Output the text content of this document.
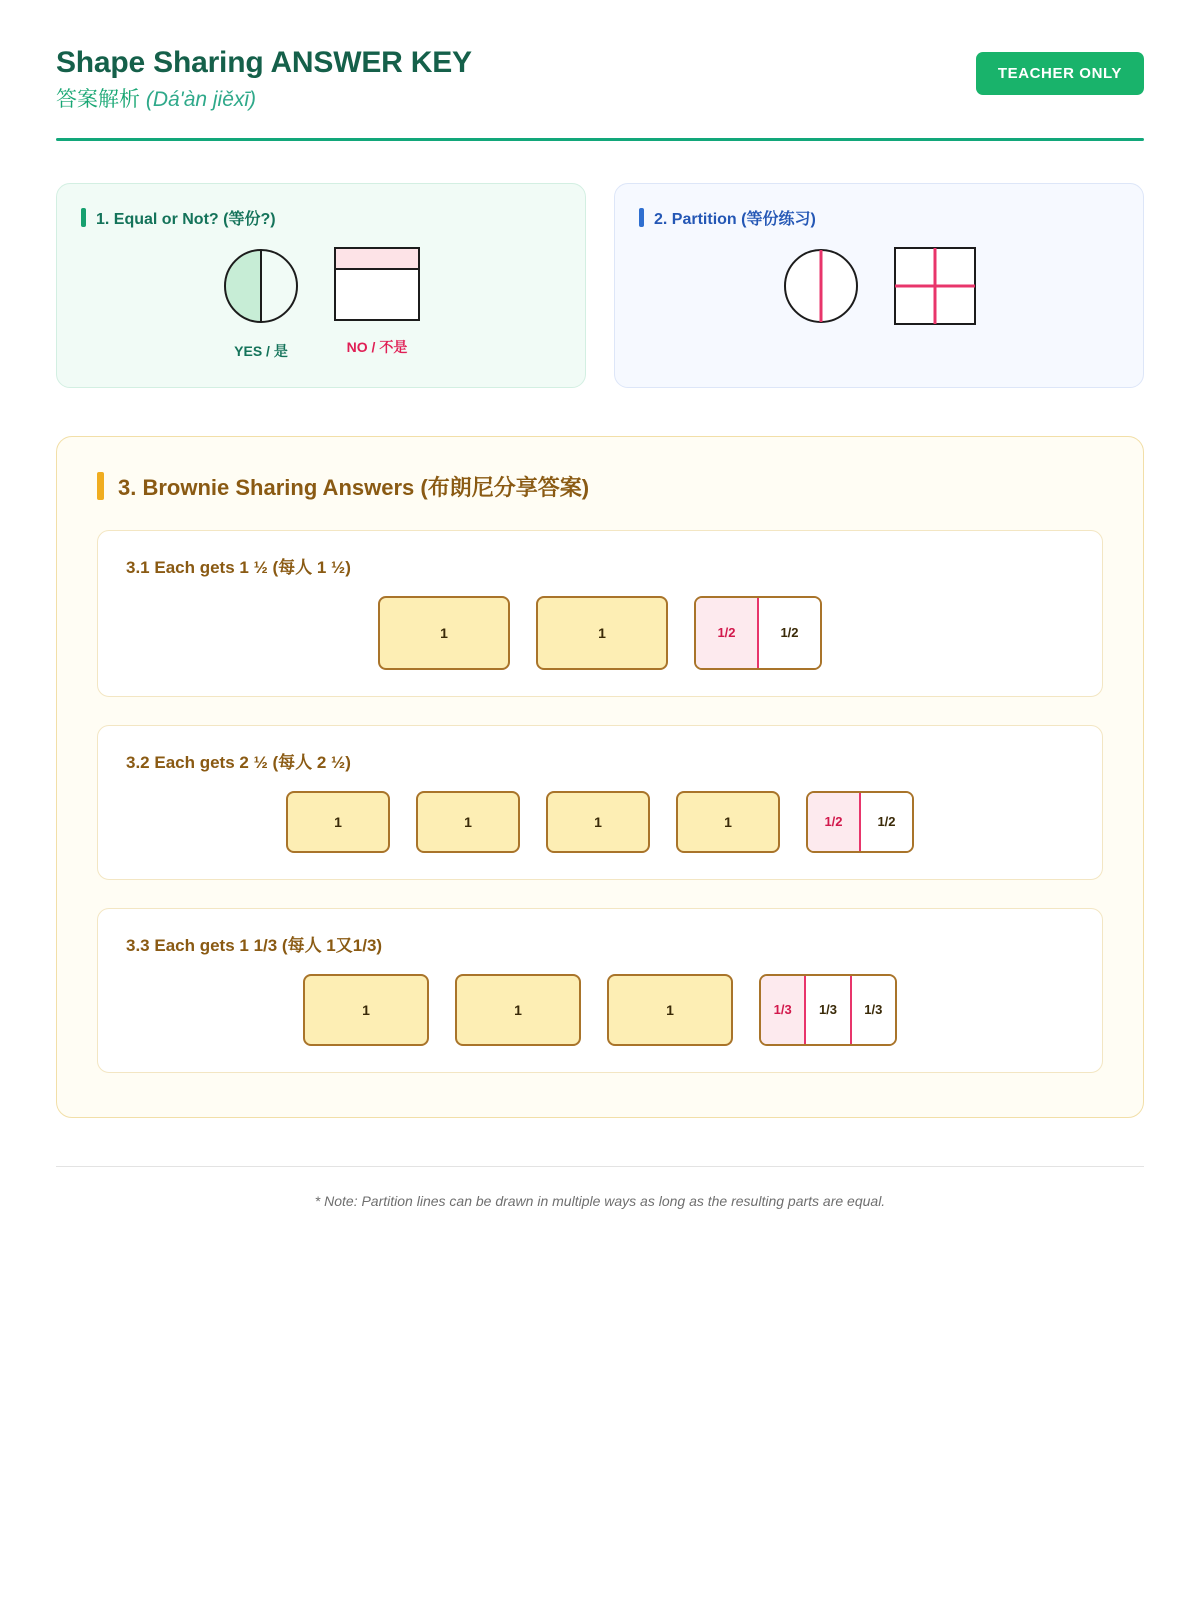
Shape Sharing ANSWER KEY
答案解析 (Dá'àn jiěxī)
TEACHER ONLY
1. Equal or Not? (等份?)
YES / 是	NO / 不是
2. Partition (等份练习)
3. Brownie Sharing Answers (布朗尼分享答案)
3.1 Each gets 1 ½ (每人 1 ½)
1	1	1/2	1/2
3.2 Each gets 2 ½ (每人 2 ½)
1	1	1	1	1/2	1/2
3.3 Each gets 1 1/3 (每人 1又1/3)
1	1	1	1/3	1/3	1/3
* Note: Partition lines can be drawn in multiple ways as long as the resulting parts are equal.
